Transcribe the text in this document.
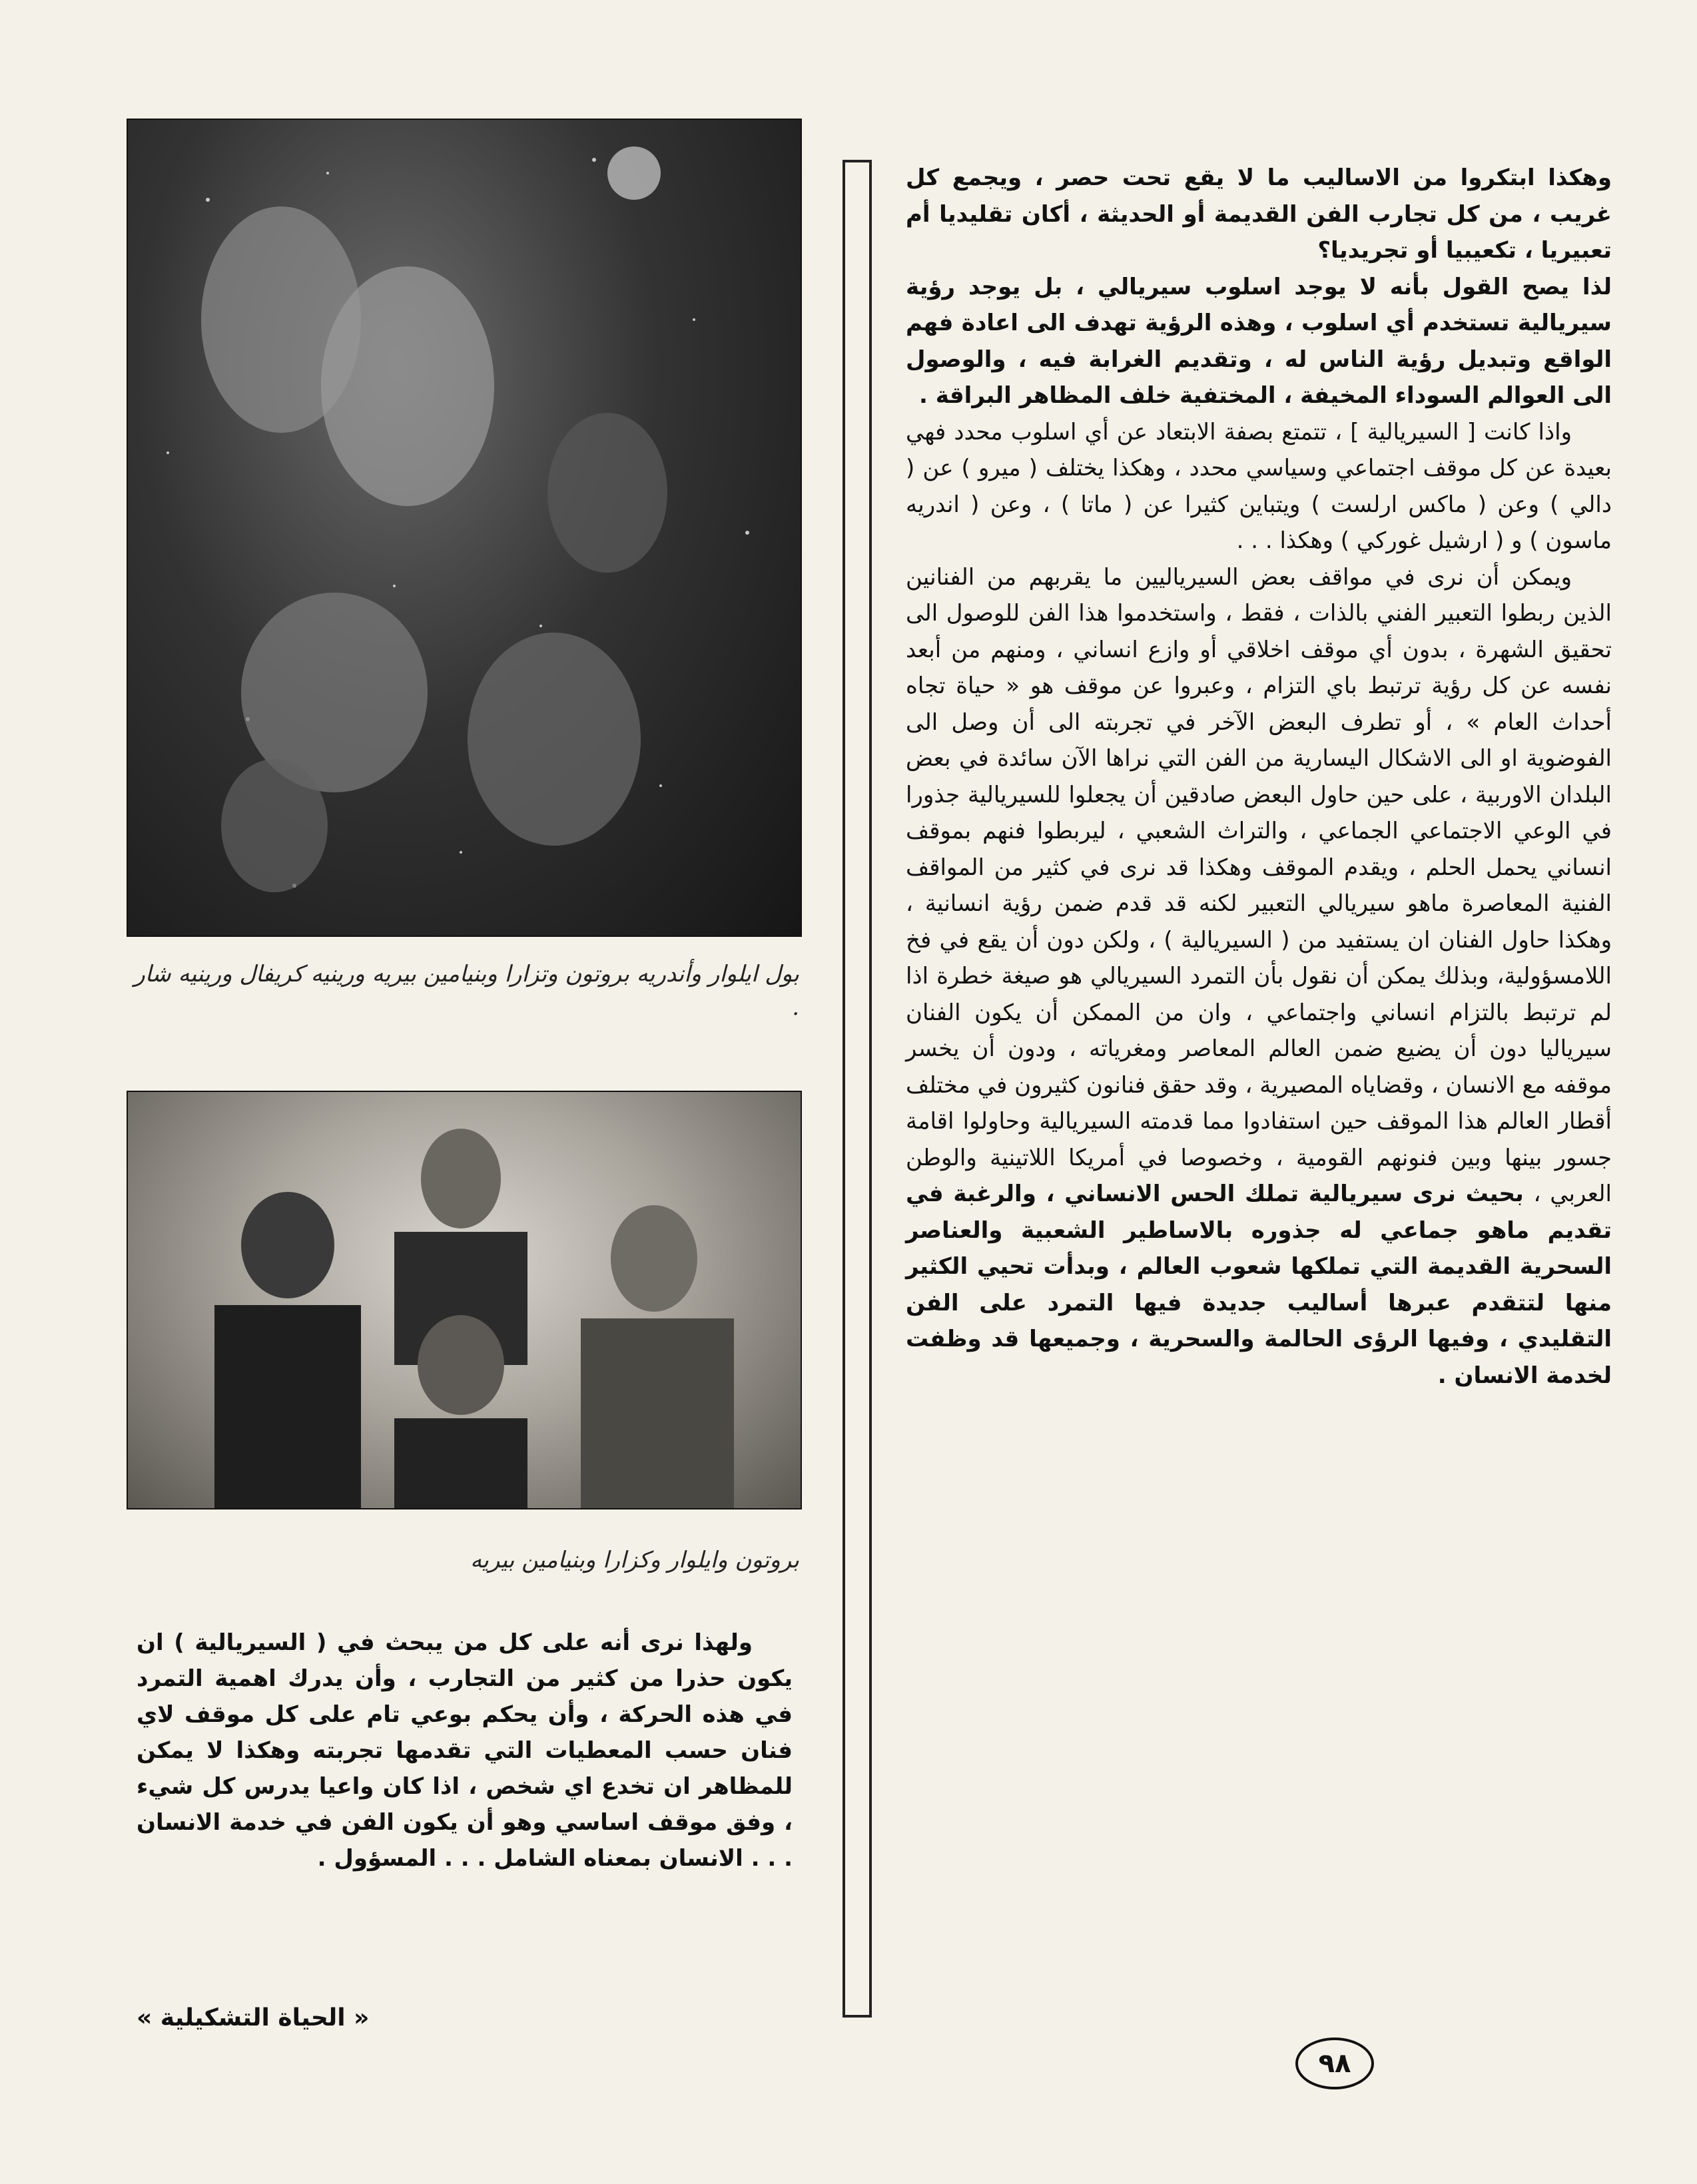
وهكذا ابتكروا من الاساليب ما لا يقع تحت حصر ، ويجمع كل غريب ، من كل تجارب الفن القديمة أو الحديثة ، أكان تقليديا أم تعبيريا ، تكعيبيا أو تجريديا؟

لذا يصح القول بأنه لا يوجد اسلوب سيريالي ، بل يوجد رؤية سيريالية تستخدم أي اسلوب ، وهذه الرؤية تهدف الى اعادة فهم الواقع وتبديل رؤية الناس له ، وتقديم الغرابة فيه ، والوصول الى العوالم السوداء المخيفة ، المختفية خلف المظاهر البراقة .

واذا كانت [ السيريالية ] ، تتمتع بصفة الابتعاد عن أي اسلوب محدد فهي بعيدة عن كل موقف اجتماعي وسياسي محدد ، وهكذا يختلف ( ميرو ) عن ( دالي ) وعن ( ماكس ارلست ) ويتباين كثيرا عن ( ماتا ) ، وعن ( اندريه ماسون ) و ( ارشيل غوركي ) وهكذا . . .

ويمكن أن نرى في مواقف بعض السيرياليين ما يقربهم من الفنانين الذين ربطوا التعبير الفني بالذات ، فقط ، واستخدموا هذا الفن للوصول الى تحقيق الشهرة ، بدون أي موقف اخلاقي أو وازع انساني ، ومنهم من أبعد نفسه عن كل رؤية ترتبط باي التزام ، وعبروا عن موقف هو « حياة تجاه أحداث العام » ، أو تطرف البعض الآخر في تجربته الى أن وصل الى الفوضوية او الى الاشكال اليسارية من الفن التي نراها الآن سائدة في بعض البلدان الاوربية ، على حين حاول البعض صادقين أن يجعلوا للسيريالية جذورا في الوعي الاجتماعي الجماعي ، والتراث الشعبي ، ليربطوا فنهم بموقف انساني يحمل الحلم ، ويقدم الموقف وهكذا قد نرى في كثير من المواقف الفنية المعاصرة ماهو سيريالي التعبير لكنه قد قدم ضمن رؤية انسانية ، وهكذا حاول الفنان ان يستفيد من ( السيريالية ) ، ولكن دون أن يقع في فخ اللامسؤولية، وبذلك يمكن أن نقول بأن التمرد السيريالي هو صيغة خطرة اذا لم ترتبط بالتزام انساني واجتماعي ، وان من الممكن أن يكون الفنان سيرياليا دون أن يضيع ضمن العالم المعاصر ومغرياته ، ودون أن يخسر موقفه مع الانسان ، وقضاياه المصيرية ، وقد حقق فنانون كثيرون في مختلف أقطار العالم هذا الموقف حين استفادوا مما قدمته السيريالية وحاولوا اقامة جسور بينها وبين فنونهم القومية ، وخصوصا في أمريكا اللاتينية والوطن العربي ، بحيث نرى سيريالية تملك الحس الانساني ، والرغبة في تقديم ماهو جماعي له جذوره بالاساطير الشعبية والعناصر السحرية القديمة التي تملكها شعوب العالم ، وبدأت تحيي الكثير منها لتتقدم عبرها أساليب جديدة فيها التمرد على الفن التقليدي ، وفيها الرؤى الحالمة والسحرية ، وجميعها قد وظفت لخدمة الانسان .

بول ايلوار وأندريه بروتون وتزارا وبنيامين بيريه ورينيه كريفال ورينيه شار .
بروتون وايلوار وكزارا وبنيامين بيريه

ولهذا نرى أنه على كل من يبحث في ( السيريالية ) ان يكون حذرا من كثير من التجارب ، وأن يدرك اهمية التمرد في هذه الحركة ، وأن يحكم بوعي تام على كل موقف لاي فنان حسب المعطيات التي تقدمها تجربته وهكذا لا يمكن للمظاهر ان تخدع اي شخص ، اذا كان واعيا يدرس كل شيء ، وفق موقف اساسي وهو أن يكون الفن في خدمة الانسان . . . الانسان بمعناه الشامل . . . المسؤول .

« الحياة التشكيلية »
٩٨
